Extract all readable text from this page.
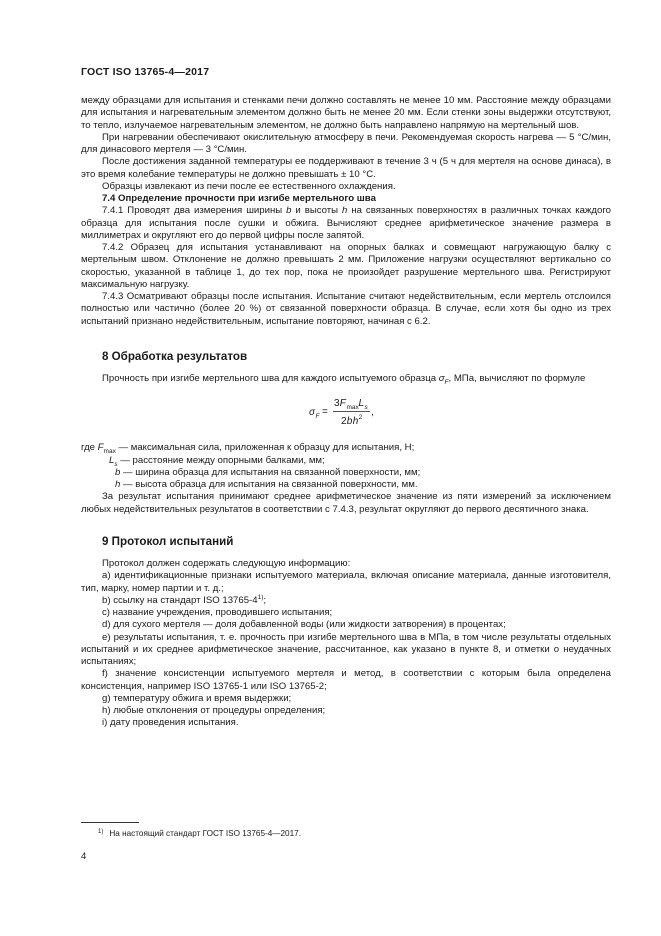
ГОСТ ISO 13765-4—2017

между образцами для испытания и стенками печи должно составлять не менее 10 мм. Расстояние между образцами для испытания и нагревательным элементом должно быть не менее 20 мм. Если стенки зоны выдержки отсутствуют, то тепло, излучаемое нагревательным элементом, не должно быть направлено напрямую на мертельный шов.

При нагревании обеспечивают окислительную атмосферу в печи. Рекомендуемая скорость нагрева — 5 °С/мин, для динасового мертеля — 3 °С/мин.

После достижения заданной температуры ее поддерживают в течение 3 ч (5 ч для мертеля на основе динаса), в это время колебание температуры не должно превышать ± 10 °С.

Образцы извлекают из печи после ее естественного охлаждения.

7.4 Определение прочности при изгибе мертельного шва

7.4.1 Проводят два измерения ширины b и высоты h на связанных поверхностях в различных точках каждого образца для испытания после сушки и обжига. Вычисляют среднее арифметическое значение размера в миллиметрах и округляют его до первой цифры после запятой.

7.4.2 Образец для испытания устанавливают на опорных балках и совмещают нагружающую балку с мертельным швом. Отклонение не должно превышать 2 мм. Приложение нагрузки осуществляют вертикально со скоростью, указанной в таблице 1, до тех пор, пока не произойдет разрушение мертельного шва. Регистрируют максимальную нагрузку.

7.4.3 Осматривают образцы после испытания. Испытание считают недействительным, если мертель отслоился полностью или частично (более 20 %) от связанной поверхности образца. В случае, если хотя бы одно из трех испытаний признано недействительным, испытание повторяют, начиная с 6.2.

8 Обработка результатов

Прочность при изгибе мертельного шва для каждого испытуемого образца $\sigma_F$, МПа, вычисляют по формуле

σ F =
3 F max L s
2 b h 2 ,
где $F_{max}$ — максимальная сила, приложенная к образцу для испытания, Н;
$L_s$ — расстояние между опорными балками, мм;
b — ширина образца для испытания на связанной поверхности, мм;
h — высота образца для испытания на связанной поверхности, мм.

За результат испытания принимают среднее арифметическое значение из пяти измерений за исключением любых недействительных результатов в соответствии с 7.4.3, результат округляют до первого десятичного знака.

9 Протокол испытаний

Протокол должен содержать следующую информацию:

a) идентификационные признаки испытуемого материала, включая описание материала, данные изготовителя, тип, марку, номер партии и т. д.;

b) ссылку на стандарт ISO 13765-4$^{1)}$;

c) название учреждения, проводившего испытания;

d) для сухого мертеля — доля добавленной воды (или жидкости затворения) в процентах;

e) результаты испытания, т. е. прочность при изгибе мертельного шва в МПа, в том числе результаты отдельных испытаний и их среднее арифметическое значение, рассчитанное, как указано в пункте 8, и отметки о неудачных испытаниях;

f) значение консистенции испытуемого мертеля и метод, в соответствии с которым была определена консистенция, например ISO 13765-1 или ISO 13765-2;

g) температуру обжига и время выдержки;

h) любые отклонения от процедуры определения;

i) дату проведения испытания.

$^{1)}$ На настоящий стандарт ГОСТ ISO 13765-4—2017.
4
